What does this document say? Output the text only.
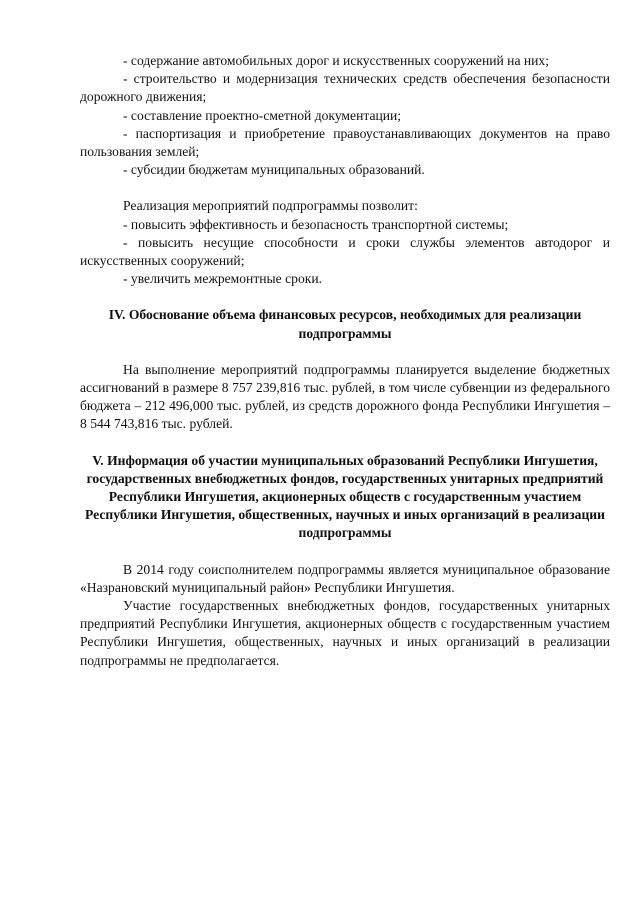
- содержание автомобильных дорог и искусственных сооружений на них;

- строительство и модернизация технических средств обеспечения безопасности дорожного движения;

- составление проектно-сметной документации;

- паспортизация и приобретение правоустанавливающих документов на право пользования землей;

- субсидии бюджетам муниципальных образований.

Реализация мероприятий подпрограммы позволит:

- повысить эффективность и безопасность транспортной системы;

- повысить несущие способности и сроки службы элементов автодорог и искусственных сооружений;

- увеличить межремонтные сроки.

IV. Обоснование объема финансовых ресурсов, необходимых для реализации подпрограммы

На выполнение мероприятий подпрограммы планируется выделение бюджетных ассигнований в размере 8 757 239,816 тыс. рублей, в том числе субвенции из федерального бюджета – 212 496,000 тыс. рублей, из средств дорожного фонда Республики Ингушетия – 8 544 743,816 тыс. рублей.

V. Информация об участии муниципальных образований Республики Ингушетия, государственных внебюджетных фондов, государственных унитарных предприятий Республики Ингушетия, акционерных обществ с государственным участием Республики Ингушетия, общественных, научных и иных организаций в реализации подпрограммы

В 2014 году соисполнителем подпрограммы является муниципальное образование «Назрановский муниципальный район» Республики Ингушетия.

Участие государственных внебюджетных фондов, государственных унитарных предприятий Республики Ингушетия, акционерных обществ с государственным участием Республики Ингушетия, общественных, научных и иных организаций в реализации подпрограммы не предполагается.
